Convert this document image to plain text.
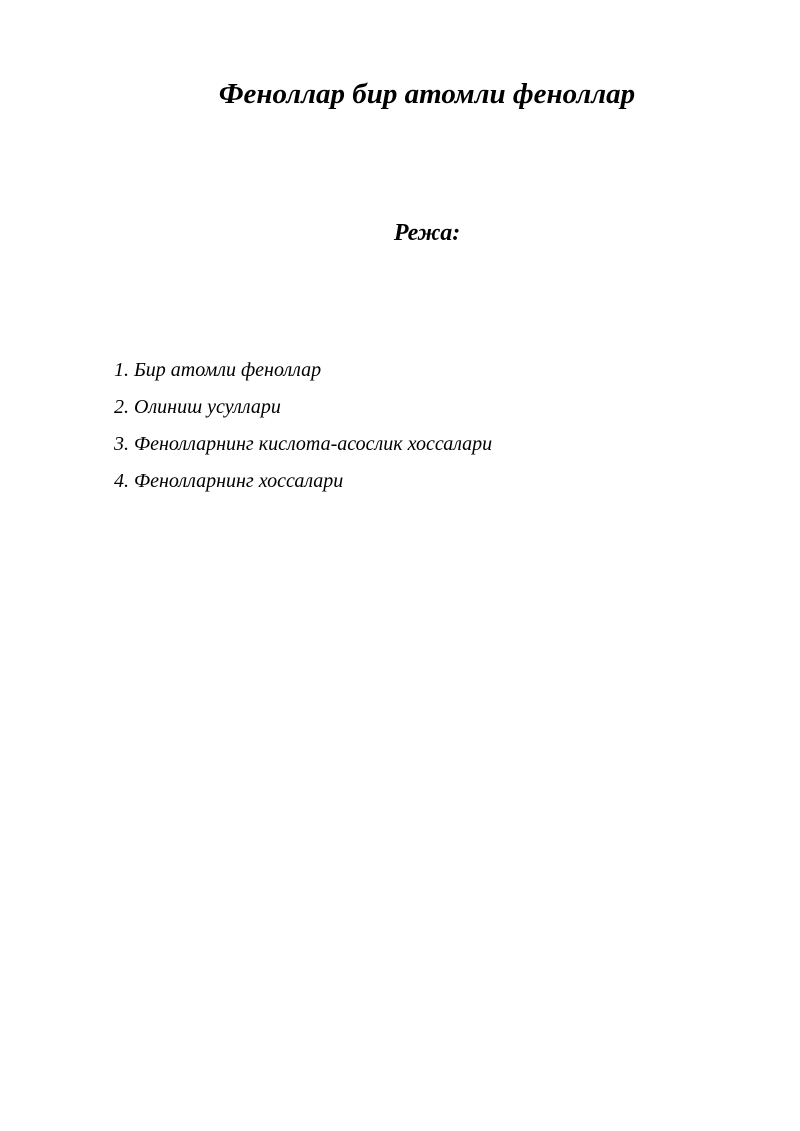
Феноллар бир атомли феноллар
Режа:
1. Бир атомли феноллар
2. Олиниш усуллари
3. Фенолларнинг кислота-асослик хоссалари
4. Фенолларнинг хоссалари
